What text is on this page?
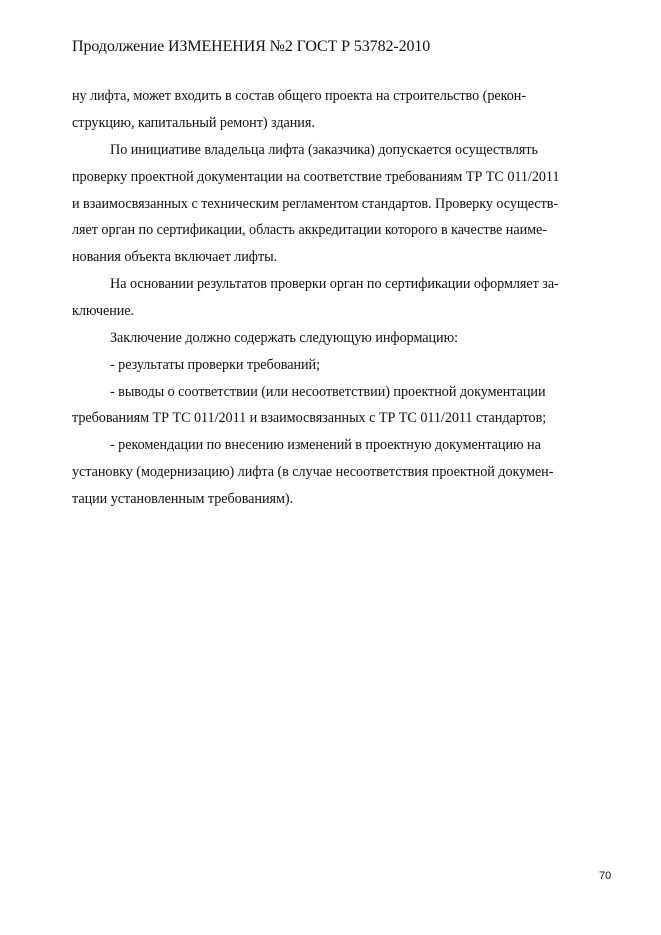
Продолжение ИЗМЕНЕНИЯ №2 ГОСТ Р 53782-2010
ну лифта, может входить в состав общего проекта на строительство (рекон-
струкцию, капитальный ремонт) здания.
По инициативе владельца лифта (заказчика) допускается осуществлять
проверку проектной документации на соответствие требованиям ТР ТС 011/2011
и взаимосвязанных с техническим регламентом стандартов. Проверку осуществ-
ляет орган по сертификации, область аккредитации которого в качестве наиме-
нования объекта включает лифты.
На основании результатов проверки орган по сертификации оформляет за-
ключение.
Заключение должно содержать следующую информацию:
- результаты проверки требований;
- выводы о соответствии (или несоответствии) проектной документации
требованиям ТР ТС 011/2011 и взаимосвязанных с ТР ТС 011/2011 стандартов;
- рекомендации по внесению изменений в проектную документацию на
установку (модернизацию) лифта (в случае несоответствия проектной докумен-
тации установленным требованиям).
70
